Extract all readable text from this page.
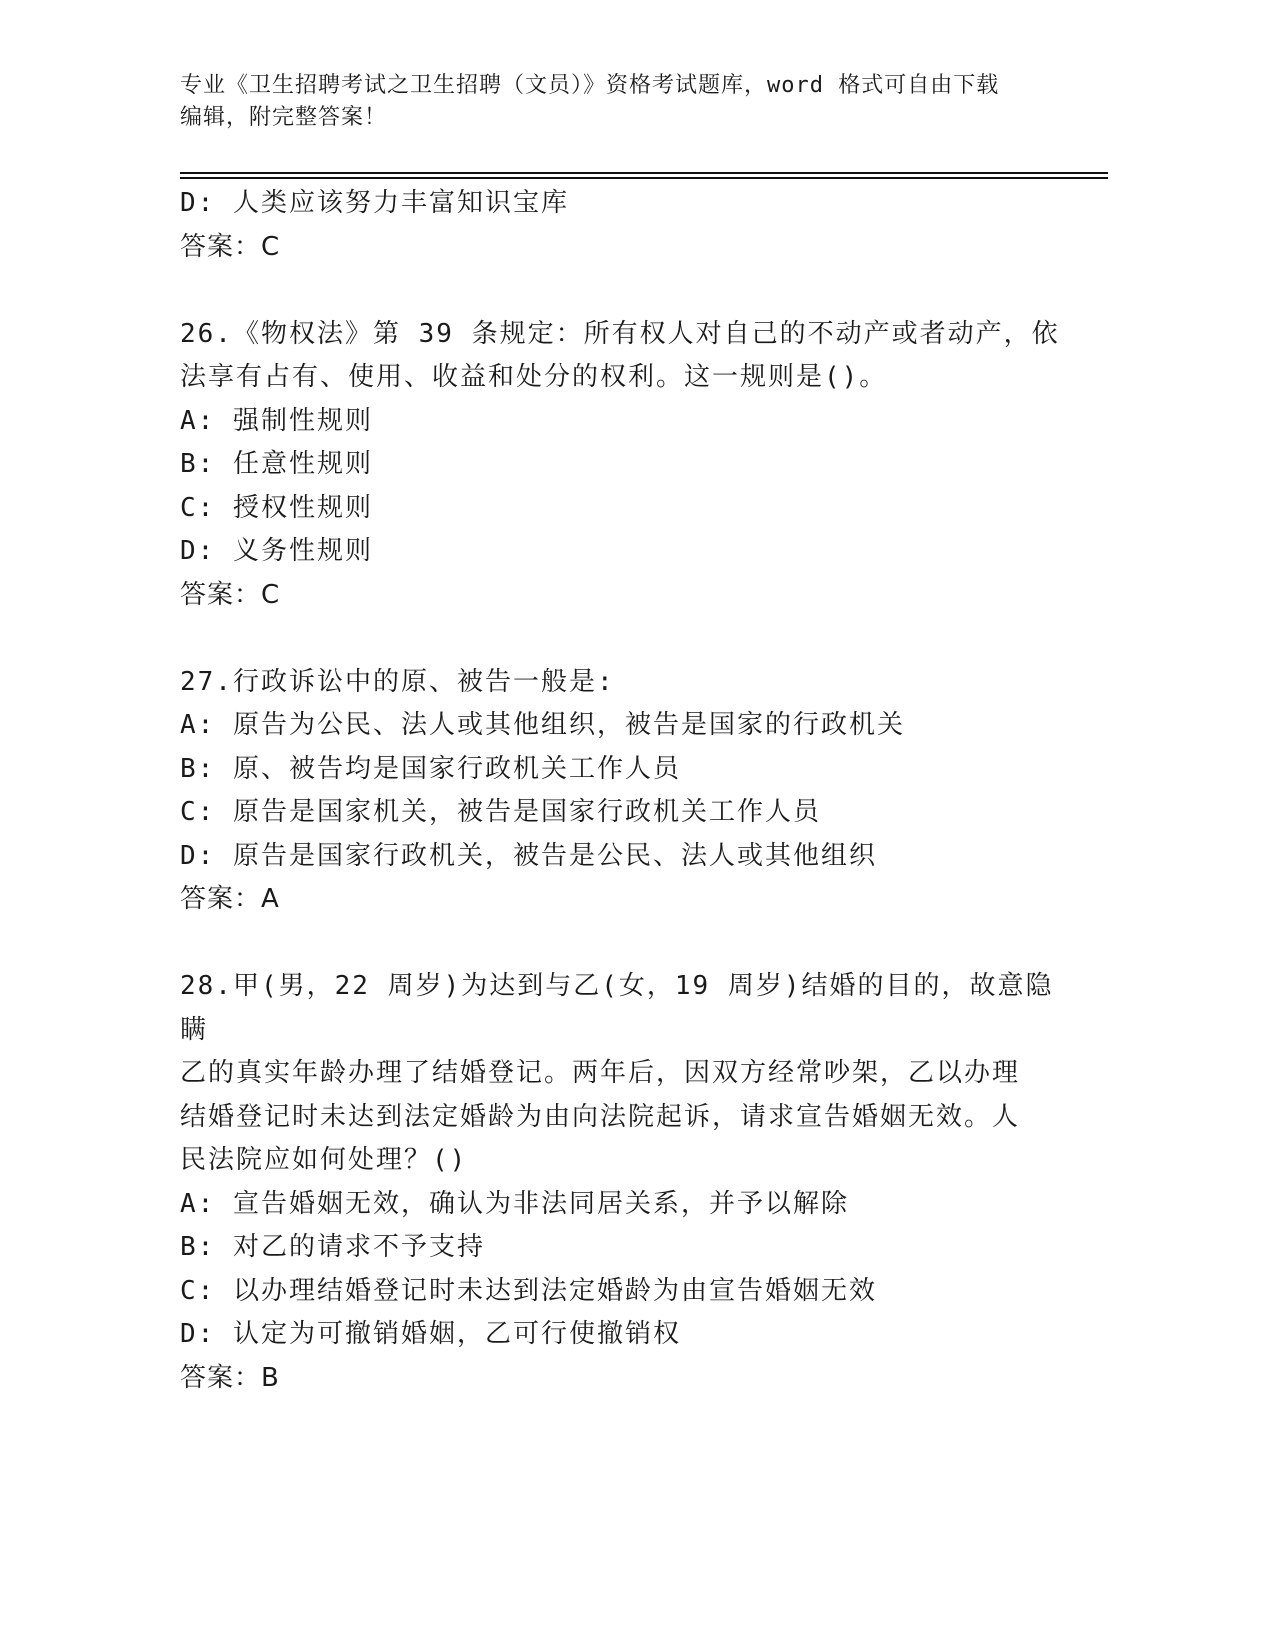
专业《卫生招聘考试之卫生招聘（文员）》资格考试题库，word 格式可自由下载
编辑，附完整答案！
D: 人类应该努力丰富知识宝库
答案：C
26.《物权法》第 39 条规定：所有权人对自己的不动产或者动产，依
法享有占有、使用、收益和处分的权利。这一规则是()。
A: 强制性规则
B: 任意性规则
C: 授权性规则
D: 义务性规则
答案：C
27.行政诉讼中的原、被告一般是:
A: 原告为公民、法人或其他组织，被告是国家的行政机关
B: 原、被告均是国家行政机关工作人员
C: 原告是国家机关，被告是国家行政机关工作人员
D: 原告是国家行政机关，被告是公民、法人或其他组织
答案：A
28.甲(男，22 周岁)为达到与乙(女，19 周岁)结婚的目的，故意隐瞒
乙的真实年龄办理了结婚登记。两年后，因双方经常吵架，乙以办理
结婚登记时未达到法定婚龄为由向法院起诉，请求宣告婚姻无效。人
民法院应如何处理？()
A: 宣告婚姻无效，确认为非法同居关系，并予以解除
B: 对乙的请求不予支持
C: 以办理结婚登记时未达到法定婚龄为由宣告婚姻无效
D: 认定为可撤销婚姻，乙可行使撤销权
答案：B
